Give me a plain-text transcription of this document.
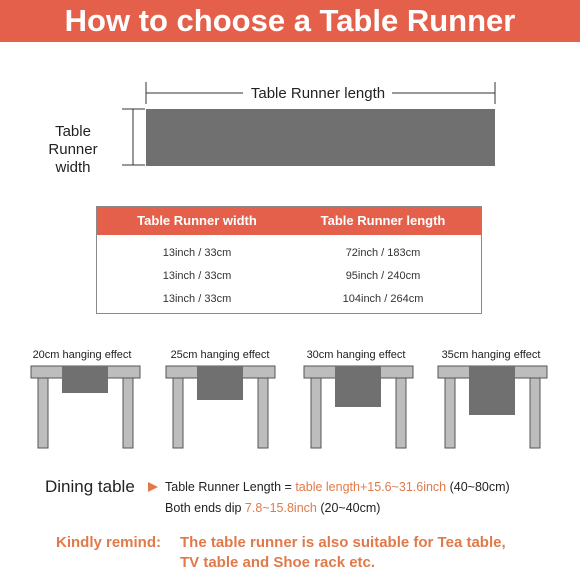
How to choose a Table Runner
Table Runner length
Table Runner
width
Table Runner width	Table Runner length
13inch / 33cm	72inch / 183cm
13inch / 33cm	95inch / 240cm
13inch / 33cm	104inch / 264cm
20cm hanging effect	25cm hanging effect	30cm hanging effect	35cm hanging effect
Dining table Table Runner Length = table length+15.6~31.6inch (40~80cm)
Both ends dip 7.8~15.8inch (20~40cm)
Kindly remind: The table runner is also suitable for Tea table,
TV table and Shoe rack etc.
